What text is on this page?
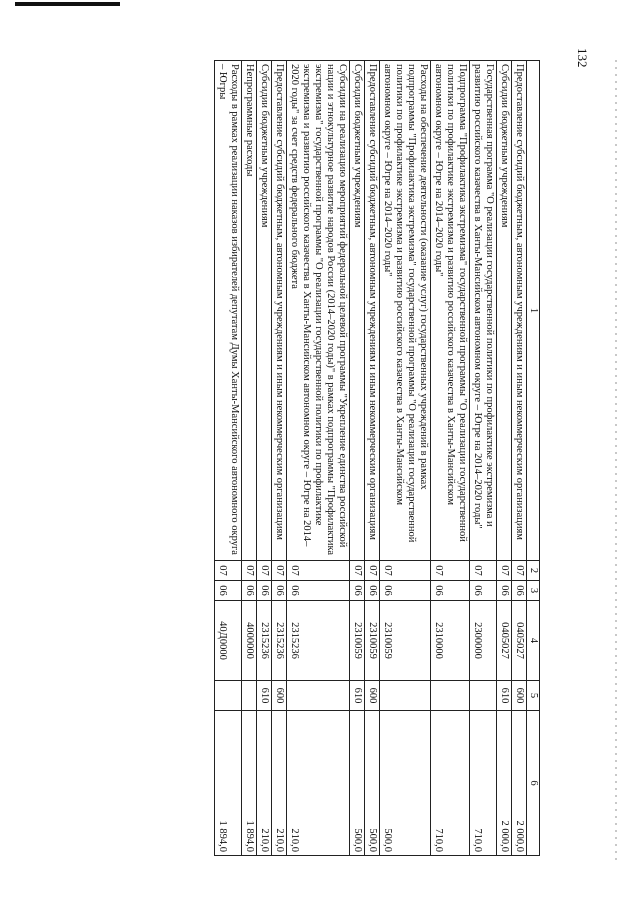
132
1	2	3	4	5	6
Предоставление субсидий бюджетным, автономным учреждениям и иным некоммерческим организациям	07	06	0405027	600	2 000,0
Субсидии бюджетным учреждениям	07	06	0405027	610	2 000,0
Государственная программа "О реализации государственной политики по профилактике экстремизма и развитию российского казачества в Ханты-Мансийском автономном округе – Югре на 2014–2020 годы"	07	06	2300000		710,0
Подпрограмма "Профилактика экстремизма" государственной программы "О реализации государственной политики по профилактике экстремизма и развитию российского казачества в Ханты-Мансийском автономном округе – Югре на 2014–2020 годы"	07	06	2310000		710,0
Расходы на обеспечение деятельности (оказание услуг) государственных учреждений в рамках подпрограммы "Профилактика экстремизма" государственной программы "О реализации государственной политики по профилактике экстремизма и развитию российского казачества в Ханты-Мансийском автономном округе – Югре на 2014–2020 годы"	07	06	2310059		500,0
Предоставление субсидий бюджетным, автономным учреждениям и иным некоммерческим организациям	07	06	2310059	600	500,0
Субсидии бюджетным учреждениям	07	06	2310059	610	500,0
Субсидии на реализацию мероприятий федеральной целевой программы "Укрепление единства российской нации и этнокультурное развитие народов России (2014–2020 годы)" в рамках подпрограммы "Профилактика экстремизма" государственной программы "О реализации государственной политики по профилактике экстремизма и развитию российского казачества в Ханты-Мансийском автономном округе – Югре на 2014–2020 годы" за счет средств федерального бюджета	07	06	2315236		210,0
Предоставление субсидий бюджетным, автономным учреждениям и иным некоммерческим организациям	07	06	2315236	600	210,0
Субсидии бюджетным учреждениям	07	06	2315236	610	210,0
Непрограммные расходы	07	06	4000000		1 894,0
Расходы в рамках реализации наказов избирателей депутатам Думы Ханты-Мансийского автономного округа – Югры	07	06	40Д0000		1 894,0
